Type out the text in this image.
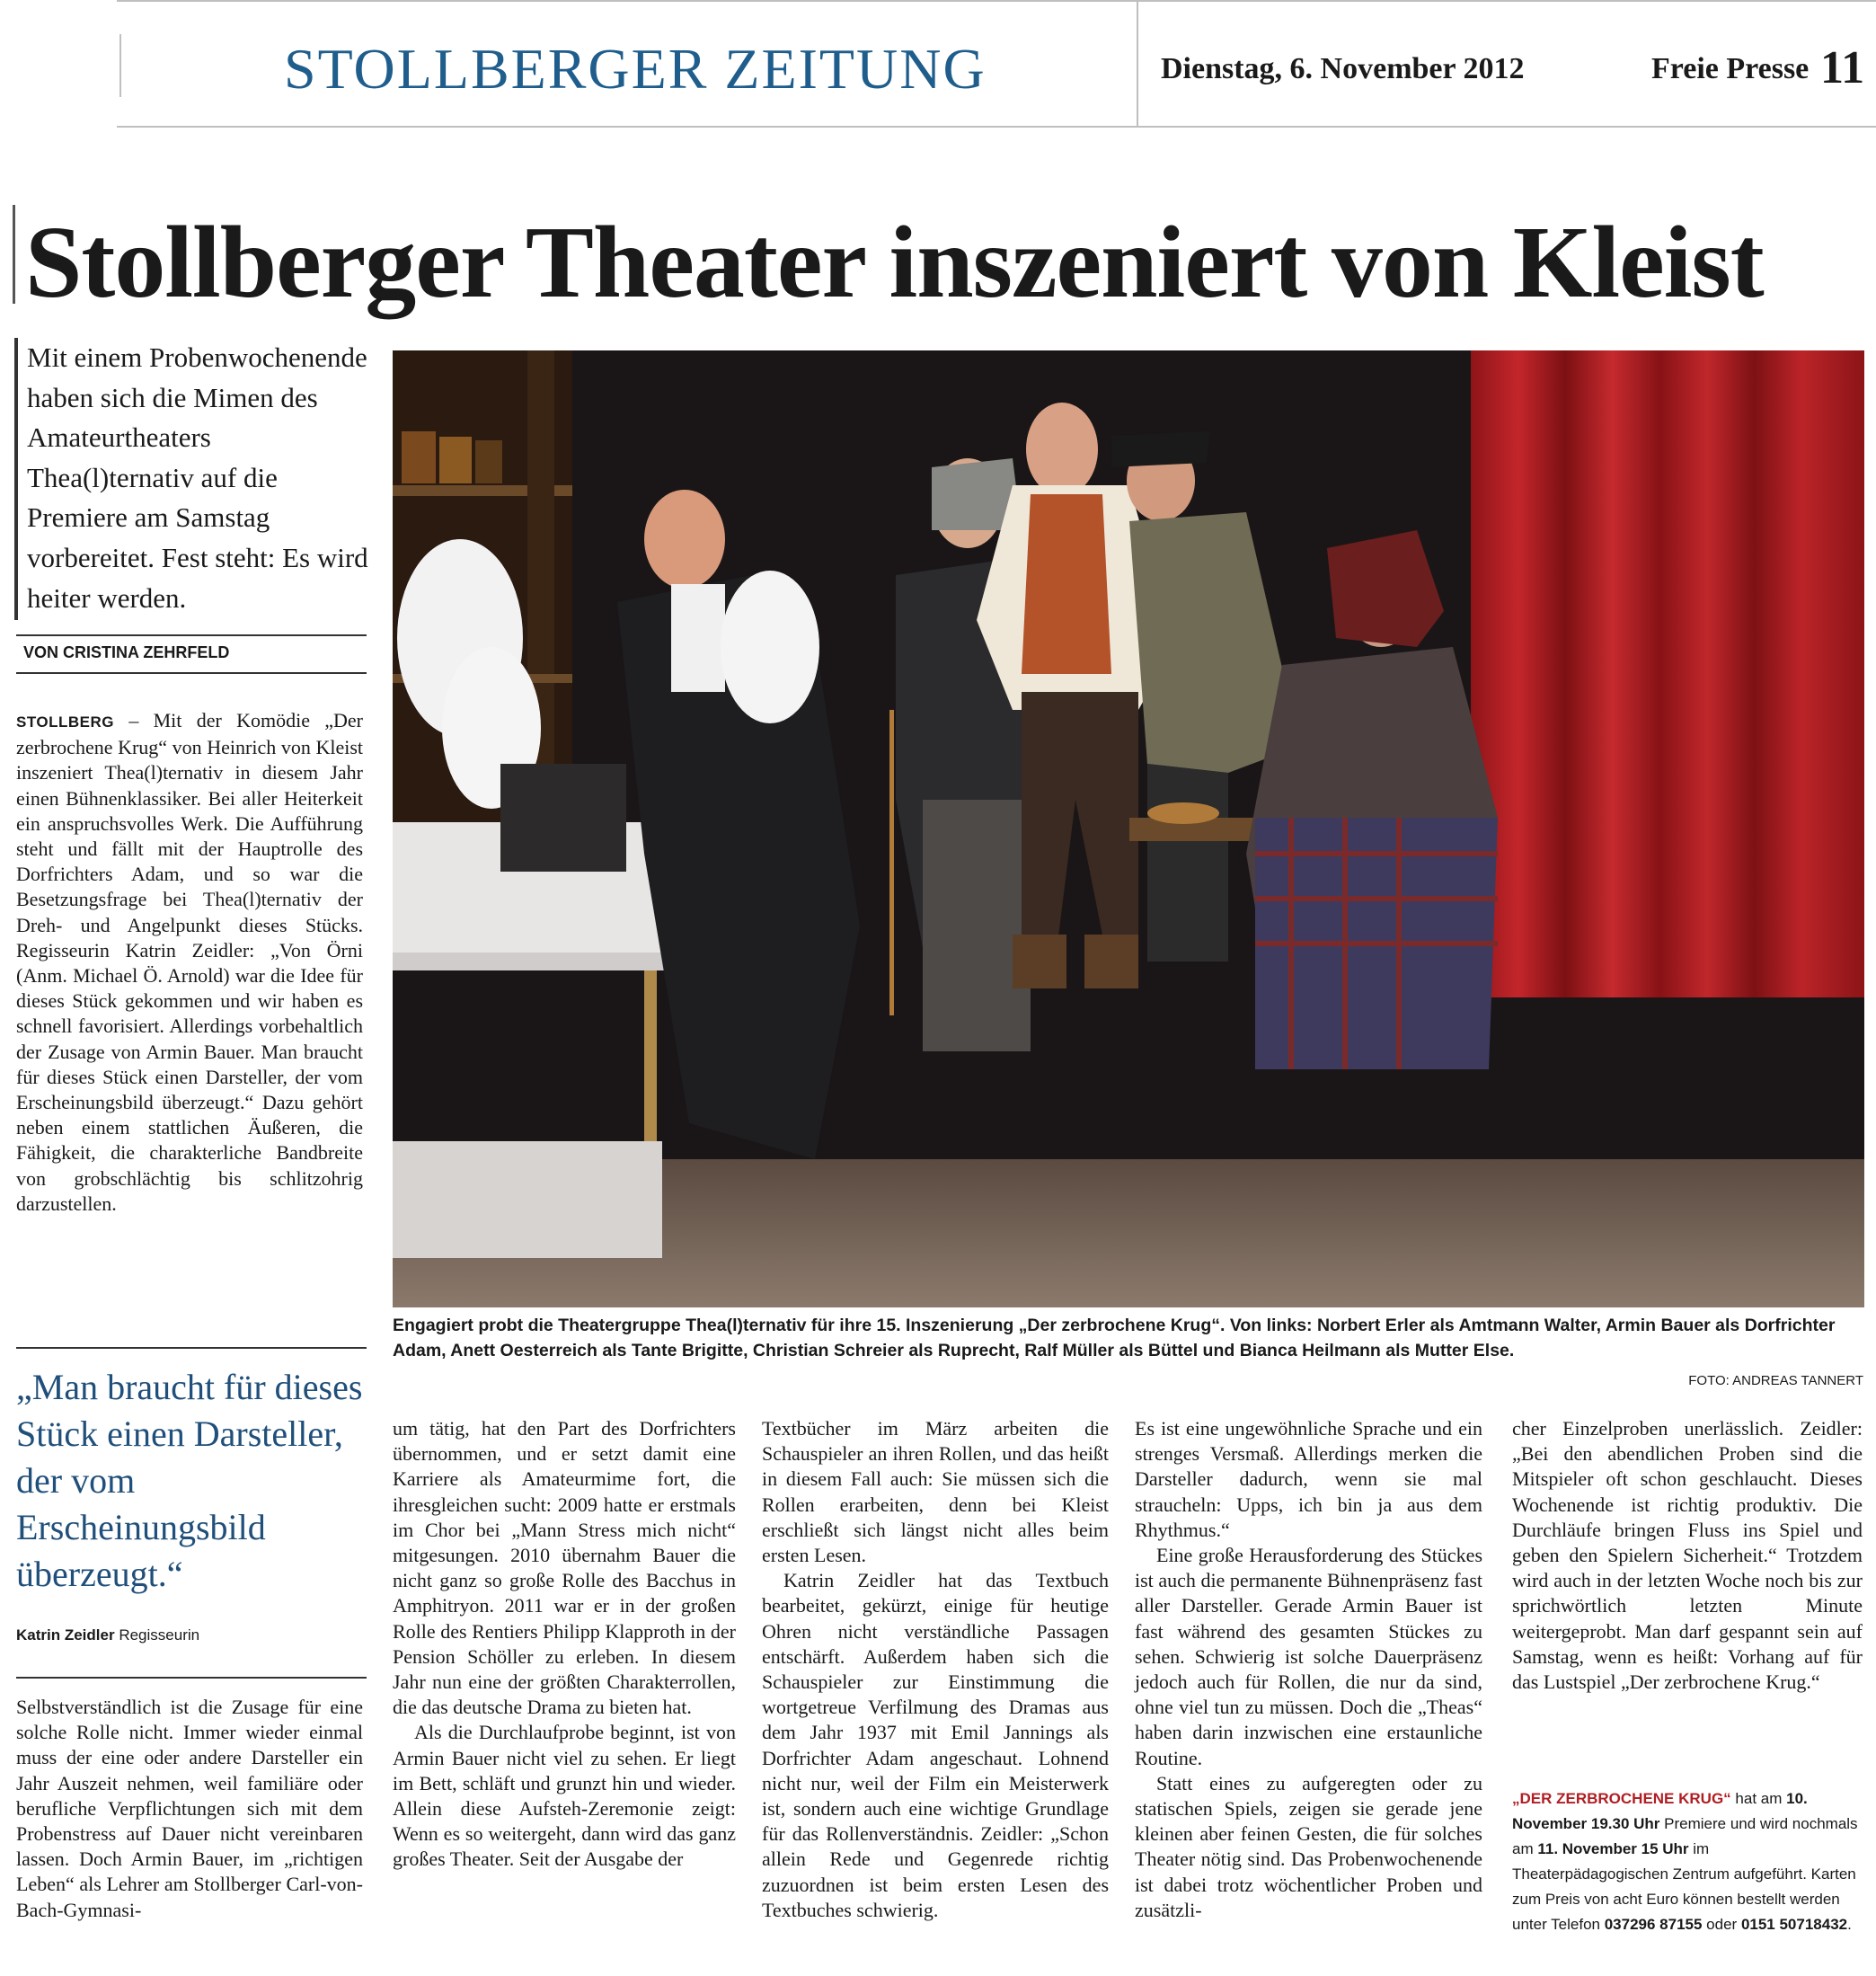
STOLLBERGER ZEITUNG	Dienstag, 6. November 2012	Freie Presse 11
Stollberger Theater inszeniert von Kleist
Mit einem Probenwochenende haben sich die Mimen des Amateurtheaters Thea(l)ternativ auf die Premiere am Samstag vorbereitet. Fest steht: Es wird heiter werden.
VON CRISTINA ZEHRFELD

STOLLBERG – Mit der Komödie „Der zerbrochene Krug“ von Heinrich von Kleist inszeniert Thea(l)ternativ in diesem Jahr einen Bühnenklassiker. Bei aller Heiterkeit ein anspruchsvolles Werk. Die Aufführung steht und fällt mit der Hauptrolle des Dorfrichters Adam, und so war die Besetzungsfrage bei Thea(l)ternativ der Dreh- und Angelpunkt dieses Stücks. Regisseurin Katrin Zeidler: „Von Örni (Anm. Michael Ö. Arnold) war die Idee für dieses Stück gekommen und wir haben es schnell favorisiert. Allerdings vorbehaltlich der Zusage von Armin Bauer. Man braucht für dieses Stück einen Darsteller, der vom Erscheinungsbild überzeugt.“ Dazu gehört neben einem stattlichen Äußeren, die Fähigkeit, die charakterliche Bandbreite von grobschlächtig bis schlitzohrig darzustellen.

Engagiert probt die Theatergruppe Thea(l)ternativ für ihre 15. Inszenierung „Der zerbrochene Krug“. Von links: Norbert Erler als Amtmann Walter, Armin Bauer als Dorfrichter Adam, Anett Oesterreich als Tante Brigitte, Christian Schreier als Ruprecht, Ralf Müller als Büttel und Bianca Heilmann als Mutter Else.
FOTO: ANDREAS TANNERT
„Man braucht für dieses Stück einen Darsteller, der vom Erscheinungsbild überzeugt.“
Katrin Zeidler Regisseurin

Selbstverständlich ist die Zusage für eine solche Rolle nicht. Immer wieder einmal muss der eine oder andere Darsteller ein Jahr Auszeit nehmen, weil familiäre oder berufliche Verpflichtungen sich mit dem Probenstress auf Dauer nicht vereinbaren lassen. Doch Armin Bauer, im „richtigen Leben“ als Lehrer am Stollberger Carl-von-Bach-Gymnasi-

um tätig, hat den Part des Dorfrichters übernommen, und er setzt damit eine Karriere als Amateurmime fort, die ihresgleichen sucht: 2009 hatte er erstmals im Chor bei „Mann Stress mich nicht“ mitgesungen. 2010 übernahm Bauer die nicht ganz so große Rolle des Bacchus in Amphitryon. 2011 war er in der großen Rolle des Rentiers Philipp Klapproth in der Pension Schöller zu erleben. In diesem Jahr nun eine der größten Charakterrollen, die das deutsche Drama zu bieten hat.

Als die Durchlaufprobe beginnt, ist von Armin Bauer nicht viel zu sehen. Er liegt im Bett, schläft und grunzt hin und wieder. Allein diese Aufsteh-Zeremonie zeigt: Wenn es so weitergeht, dann wird das ganz großes Theater. Seit der Ausgabe der

Textbücher im März arbeiten die Schauspieler an ihren Rollen, und das heißt in diesem Fall auch: Sie müssen sich die Rollen erarbeiten, denn bei Kleist erschließt sich längst nicht alles beim ersten Lesen.

Katrin Zeidler hat das Textbuch bearbeitet, gekürzt, einige für heutige Ohren nicht verständliche Passagen entschärft. Außerdem haben sich die Schauspieler zur Einstimmung die wortgetreue Verfilmung des Dramas aus dem Jahr 1937 mit Emil Jannings als Dorfrichter Adam angeschaut. Lohnend nicht nur, weil der Film ein Meisterwerk ist, sondern auch eine wichtige Grundlage für das Rollenverständnis. Zeidler: „Schon allein Rede und Gegenrede richtig zuzuordnen ist beim ersten Lesen des Textbuches schwierig.

Es ist eine ungewöhnliche Sprache und ein strenges Versmaß. Allerdings merken die Darsteller dadurch, wenn sie mal straucheln: Upps, ich bin ja aus dem Rhythmus.“

Eine große Herausforderung des Stückes ist auch die permanente Bühnenpräsenz fast aller Darsteller. Gerade Armin Bauer ist fast während des gesamten Stückes zu sehen. Schwierig ist solche Dauerpräsenz jedoch auch für Rollen, die nur da sind, ohne viel tun zu müssen. Doch die „Theas“ haben darin inzwischen eine erstaunliche Routine.

Statt eines zu aufgeregten oder zu statischen Spiels, zeigen sie gerade jene kleinen aber feinen Gesten, die für solches Theater nötig sind. Das Probenwochenende ist dabei trotz wöchentlicher Proben und zusätzli-

cher Einzelproben unerlässlich. Zeidler: „Bei den abendlichen Proben sind die Mitspieler oft schon geschlaucht. Dieses Wochenende ist richtig produktiv. Die Durchläufe bringen Fluss ins Spiel und geben den Spielern Sicherheit.“ Trotzdem wird auch in der letzten Woche noch bis zur sprichwörtlich letzten Minute weitergeprobt. Man darf gespannt sein auf Samstag, wenn es heißt: Vorhang auf für das Lustspiel „Der zerbrochene Krug.“

„DER ZERBROCHENE KRUG“ hat am 10. November 19.30 Uhr Premiere und wird nochmals am 11. November 15 Uhr im Theaterpädagogischen Zentrum aufgeführt. Karten zum Preis von acht Euro können bestellt werden unter Telefon 037296 87155 oder 0151 50718432.
